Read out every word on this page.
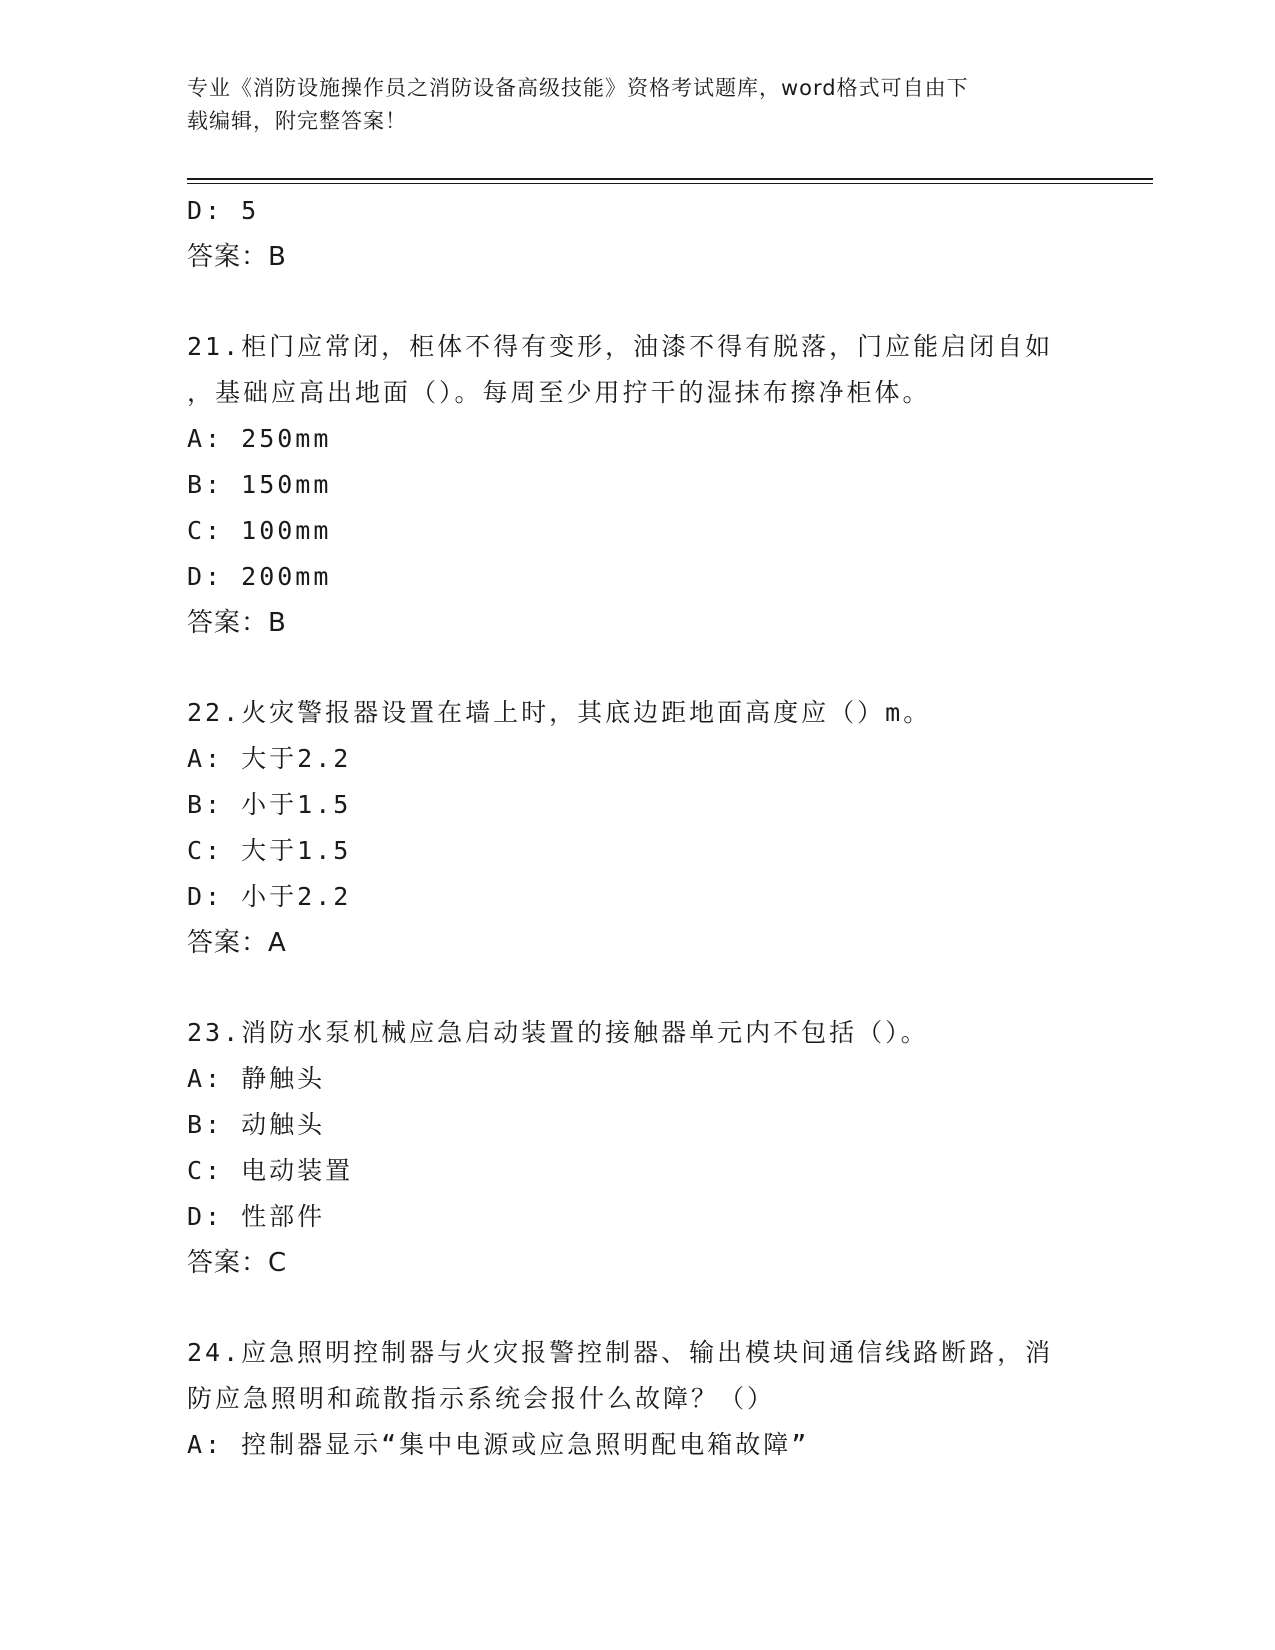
专业《消防设施操作员之消防设备高级技能》资格考试题库，word格式可自由下
载编辑，附完整答案！
D: 5
答案：B
21.柜门应常闭，柜体不得有变形，油漆不得有脱落，门应能启闭自如
，基础应高出地面（）。每周至少用拧干的湿抹布擦净柜体。
A: 250mm
B: 150mm
C: 100mm
D: 200mm
答案：B
22.火灾警报器设置在墙上时，其底边距地面高度应（）m。
A: 大于2.2
B: 小于1.5
C: 大于1.5
D: 小于2.2
答案：A
23.消防水泵机械应急启动装置的接触器单元内不包括（）。
A: 静触头
B: 动触头
C: 电动装置
D: 性部件
答案：C
24.应急照明控制器与火灾报警控制器、输出模块间通信线路断路，消
防应急照明和疏散指示系统会报什么故障？（）
A: 控制器显示“集中电源或应急照明配电箱故障”
